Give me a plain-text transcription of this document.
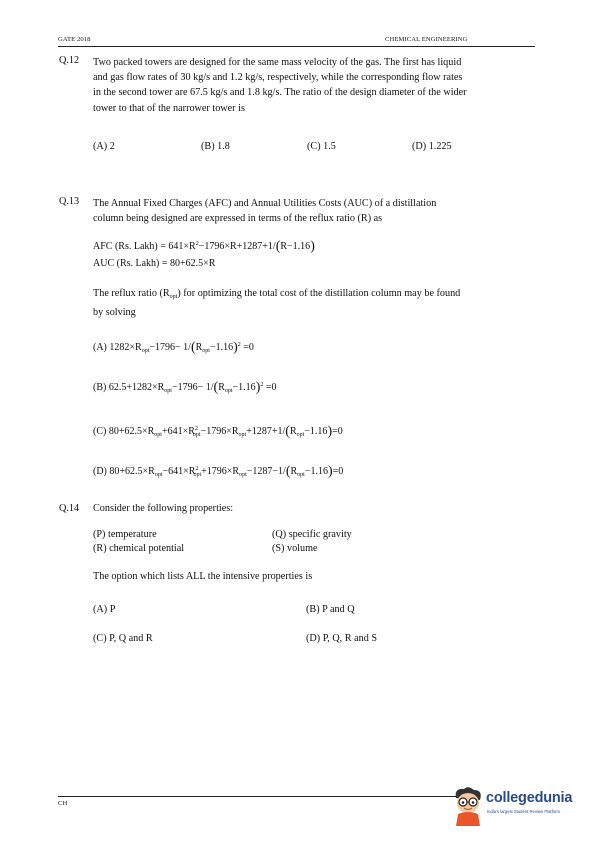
GATE 2018	CHEMICAL ENGINEERING
Q.12 Two packed towers are designed for the same mass velocity of the gas. The first has liquid
and gas flow rates of 30 kg/s and 1.2 kg/s, respectively, while the corresponding flow rates
in the second tower are 67.5 kg/s and 1.8 kg/s. The ratio of the design diameter of the wider
tower to that of the narrower tower is
(A) 2	(B) 1.8	(C) 1.5	(D) 1.225
Q.13 The Annual Fixed Charges (AFC) and Annual Utilities Costs (AUC) of a distillation
column being designed are expressed in terms of the reflux ratio (R) as
AFC (Rs. Lakh) = $641\times R^2-1796\times R+1287+1/(R-1.16)$
AUC (Rs. Lakh) = 80+62.5×R
The reflux ratio $(R_{opt})$ for optimizing the total cost of the distillation column may be found
by solving
(A) $1282\times R_{opt}-1796- 1/(R_{opt}-1.16)^2 =0$
(B) $62.5+1282\times R_{opt}-1796- 1/(R_{opt}-1.16)^2 =0$
(C) $80+62.5\times R_{opt}+641\times R^2_{opt}-1796\times R_{opt}+1287+1/(R_{opt}-1.16)=0$
(D) $80+62.5\times R_{opt}-641\times R^2_{opt}+1796\times R_{opt}-1287-1/(R_{opt}-1.16)=0$
Q.14 Consider the following properties:
(P) temperature	(Q) specific gravity
(R) chemical potential	(S) volume
The option which lists ALL the intensive properties is
(A) P	(B) P and Q
(C) P, Q and R	(D) P, Q, R and S
CH	collegedunia
India's largest Student Review Platform
